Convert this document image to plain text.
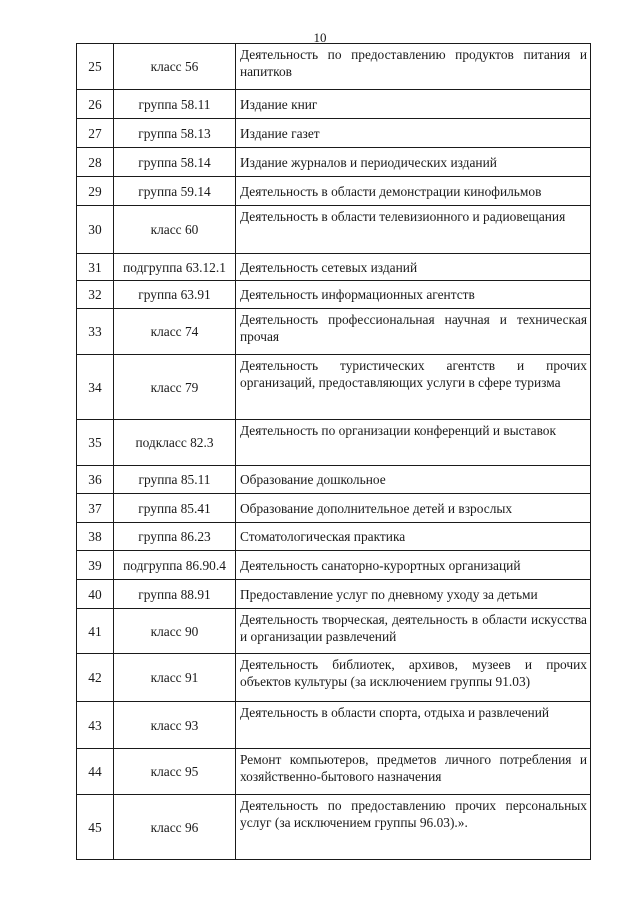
10
25	класс 56	Деятельность по предоставлению продуктов питания и напитков
26	группа 58.11	Издание книг
27	группа 58.13	Издание газет
28	группа 58.14	Издание журналов и периодических изданий
29	группа 59.14	Деятельность в области демонстрации кинофильмов
30	класс 60	Деятельность в области телевизионного и радиовещания
31	подгруппа 63.12.1	Деятельность сетевых изданий
32	группа 63.91	Деятельность информационных агентств
33	класс 74	Деятельность профессиональная научная и техническая прочая
34	класс 79	Деятельность туристических агентств и прочих организаций, предоставляющих услуги в сфере туризма
35	подкласс 82.3	Деятельность по организации конференций и выставок
36	группа 85.11	Образование дошкольное
37	группа 85.41	Образование дополнительное детей и взрослых
38	группа 86.23	Стоматологическая практика
39	подгруппа 86.90.4	Деятельность санаторно-курортных организаций
40	группа 88.91	Предоставление услуг по дневному уходу за детьми
41	класс 90	Деятельность творческая, деятельность в области искусства и организации развлечений
42	класс 91	Деятельность библиотек, архивов, музеев и прочих объектов культуры (за исключением группы 91.03)
43	класс 93	Деятельность в области спорта, отдыха и развлечений
44	класс 95	Ремонт компьютеров, предметов личного потребления и хозяйственно-бытового назначения
45	класс 96	Деятельность по предоставлению прочих персональных услуг (за исключением группы 96.03).».
